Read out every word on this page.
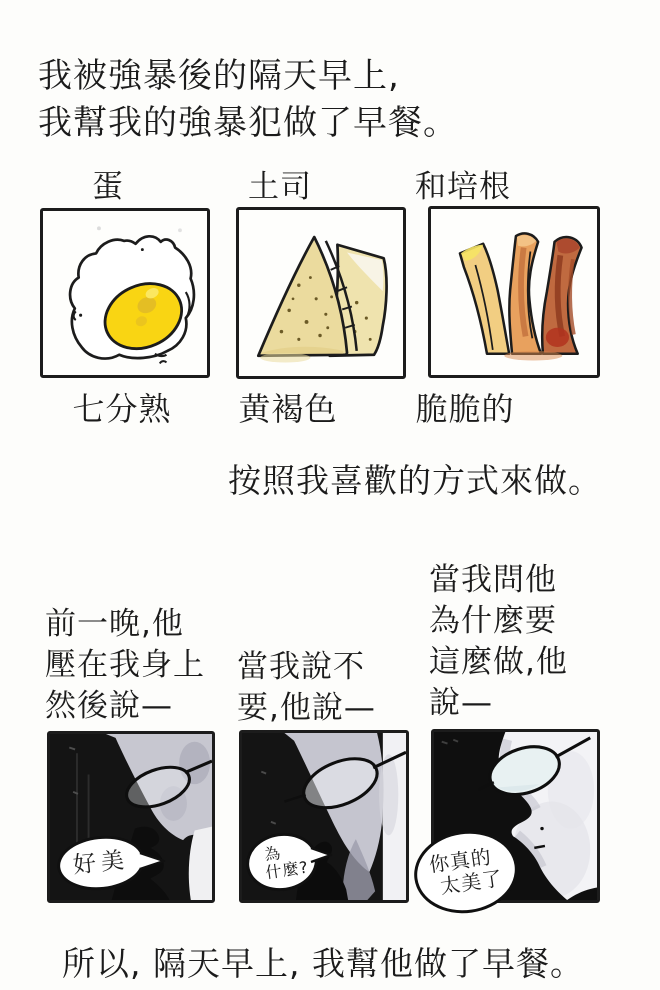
我被強暴後的隔天早上,
我幫我的強暴犯做了早餐。
蛋	土司	和培根
七分熟	黄褐色	脆脆的
按照我喜歡的方式來做。
前一晚,他
壓在我身上
然後說—
當我說不
要,他說—
當我問他
為什麼要
這麼做,他
說—
好美	為
什麼?	你真的
太美了
所以, 隔天早上, 我幫他做了早餐。
